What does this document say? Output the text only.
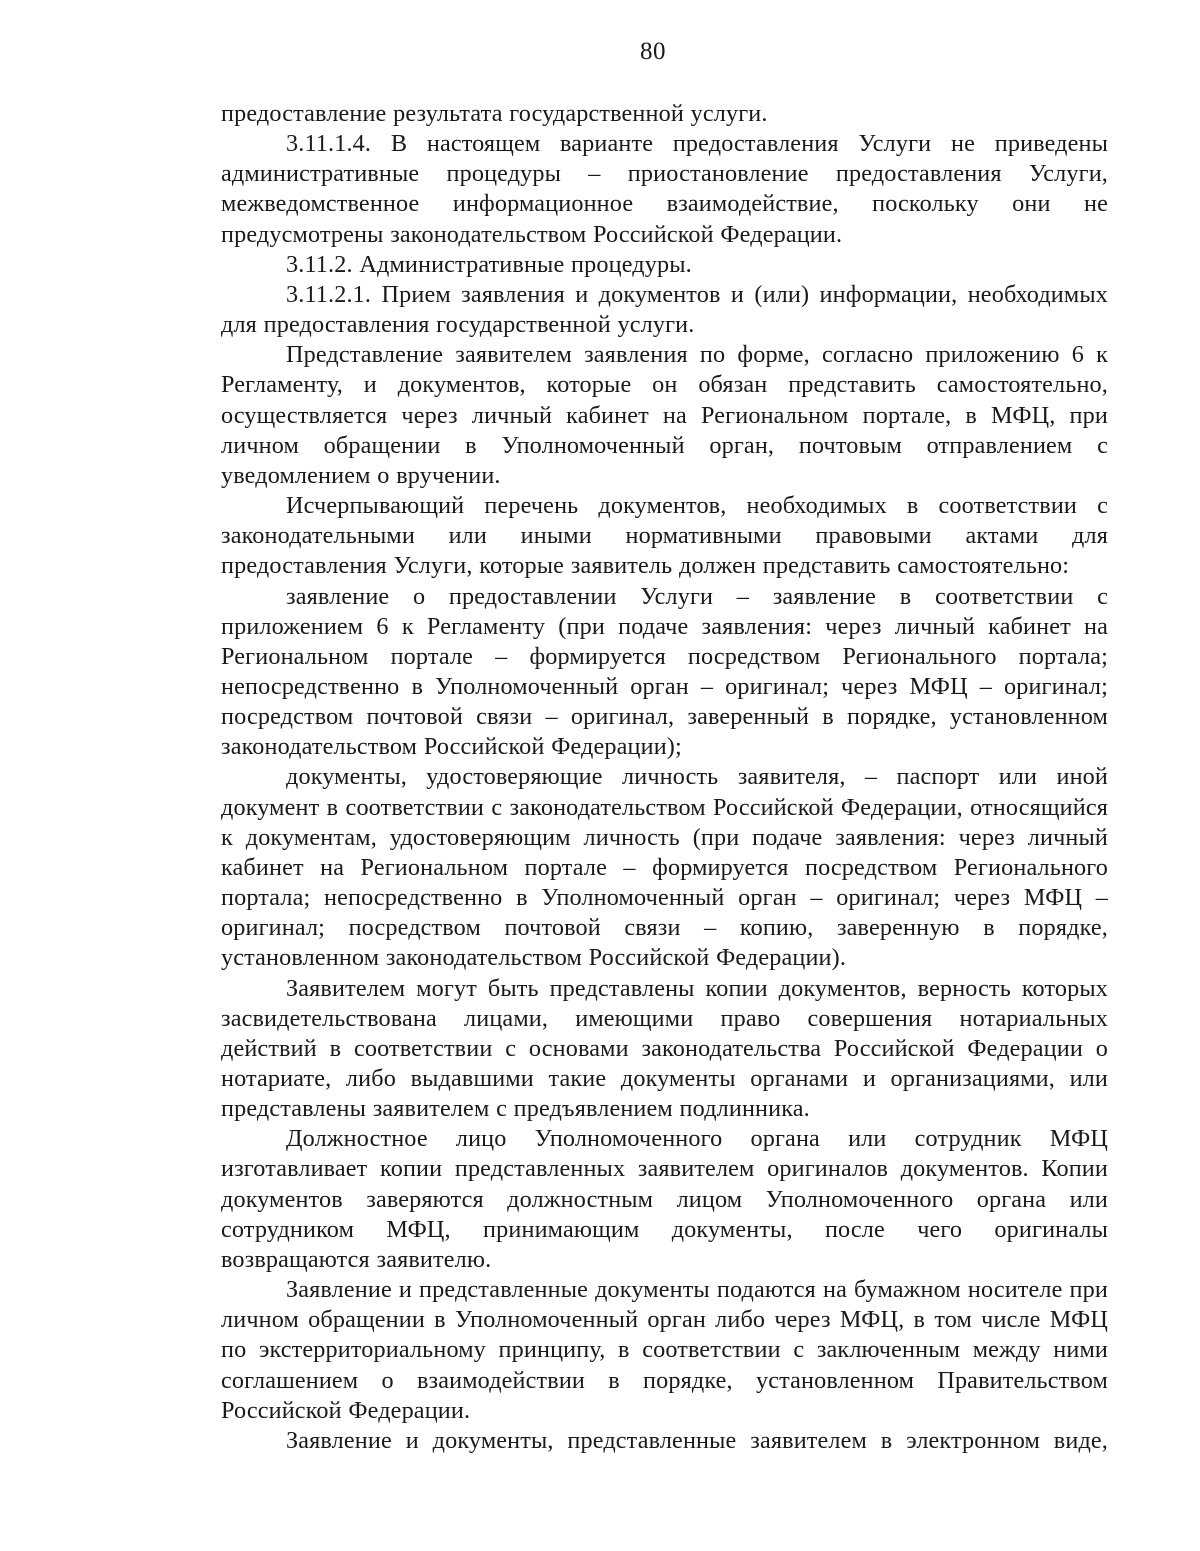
80

предоставление результата государственной услуги.

3.11.1.4. В настоящем варианте предоставления Услуги не приведены административные процедуры – приостановление предоставления Услуги, межведомственное информационное взаимодействие, поскольку они не предусмотрены законодательством Российской Федерации.

3.11.2. Административные процедуры.

3.11.2.1. Прием заявления и документов и (или) информации, необходимых для предоставления государственной услуги.

Представление заявителем заявления по форме, согласно приложению 6 к Регламенту, и документов, которые он обязан представить самостоятельно, осуществляется через личный кабинет на Региональном портале, в МФЦ, при личном обращении в Уполномоченный орган, почтовым отправлением с уведомлением о вручении.

Исчерпывающий перечень документов, необходимых в соответствии с законодательными или иными нормативными правовыми актами для предоставления Услуги, которые заявитель должен представить самостоятельно:

заявление о предоставлении Услуги – заявление в соответствии с приложением 6 к Регламенту (при подаче заявления: через личный кабинет на Региональном портале – формируется посредством Регионального портала; непосредственно в Уполномоченный орган – оригинал; через МФЦ – оригинал; посредством почтовой связи – оригинал, заверенный в порядке, установленном законодательством Российской Федерации);

документы, удостоверяющие личность заявителя, – паспорт или иной документ в соответствии с законодательством Российской Федерации, относящийся к документам, удостоверяющим личность (при подаче заявления: через личный кабинет на Региональном портале – формируется посредством Регионального портала; непосредственно в Уполномоченный орган – оригинал; через МФЦ – оригинал; посредством почтовой связи – копию, заверенную в порядке, установленном законодательством Российской Федерации).

Заявителем могут быть представлены копии документов, верность которых засвидетельствована лицами, имеющими право совершения нотариальных действий в соответствии с основами законодательства Российской Федерации о нотариате, либо выдавшими такие документы органами и организациями, или представлены заявителем с предъявлением подлинника.

Должностное лицо Уполномоченного органа или сотрудник МФЦ изготавливает копии представленных заявителем оригиналов документов. Копии документов заверяются должностным лицом Уполномоченного органа или сотрудником МФЦ, принимающим документы, после чего оригиналы возвращаются заявителю.

Заявление и представленные документы подаются на бумажном носителе при личном обращении в Уполномоченный орган либо через МФЦ, в том числе МФЦ по экстерриториальному принципу, в соответствии с заключенным между ними соглашением о взаимодействии в порядке, установленном Правительством Российской Федерации.

Заявление и документы, представленные заявителем в электронном виде,
